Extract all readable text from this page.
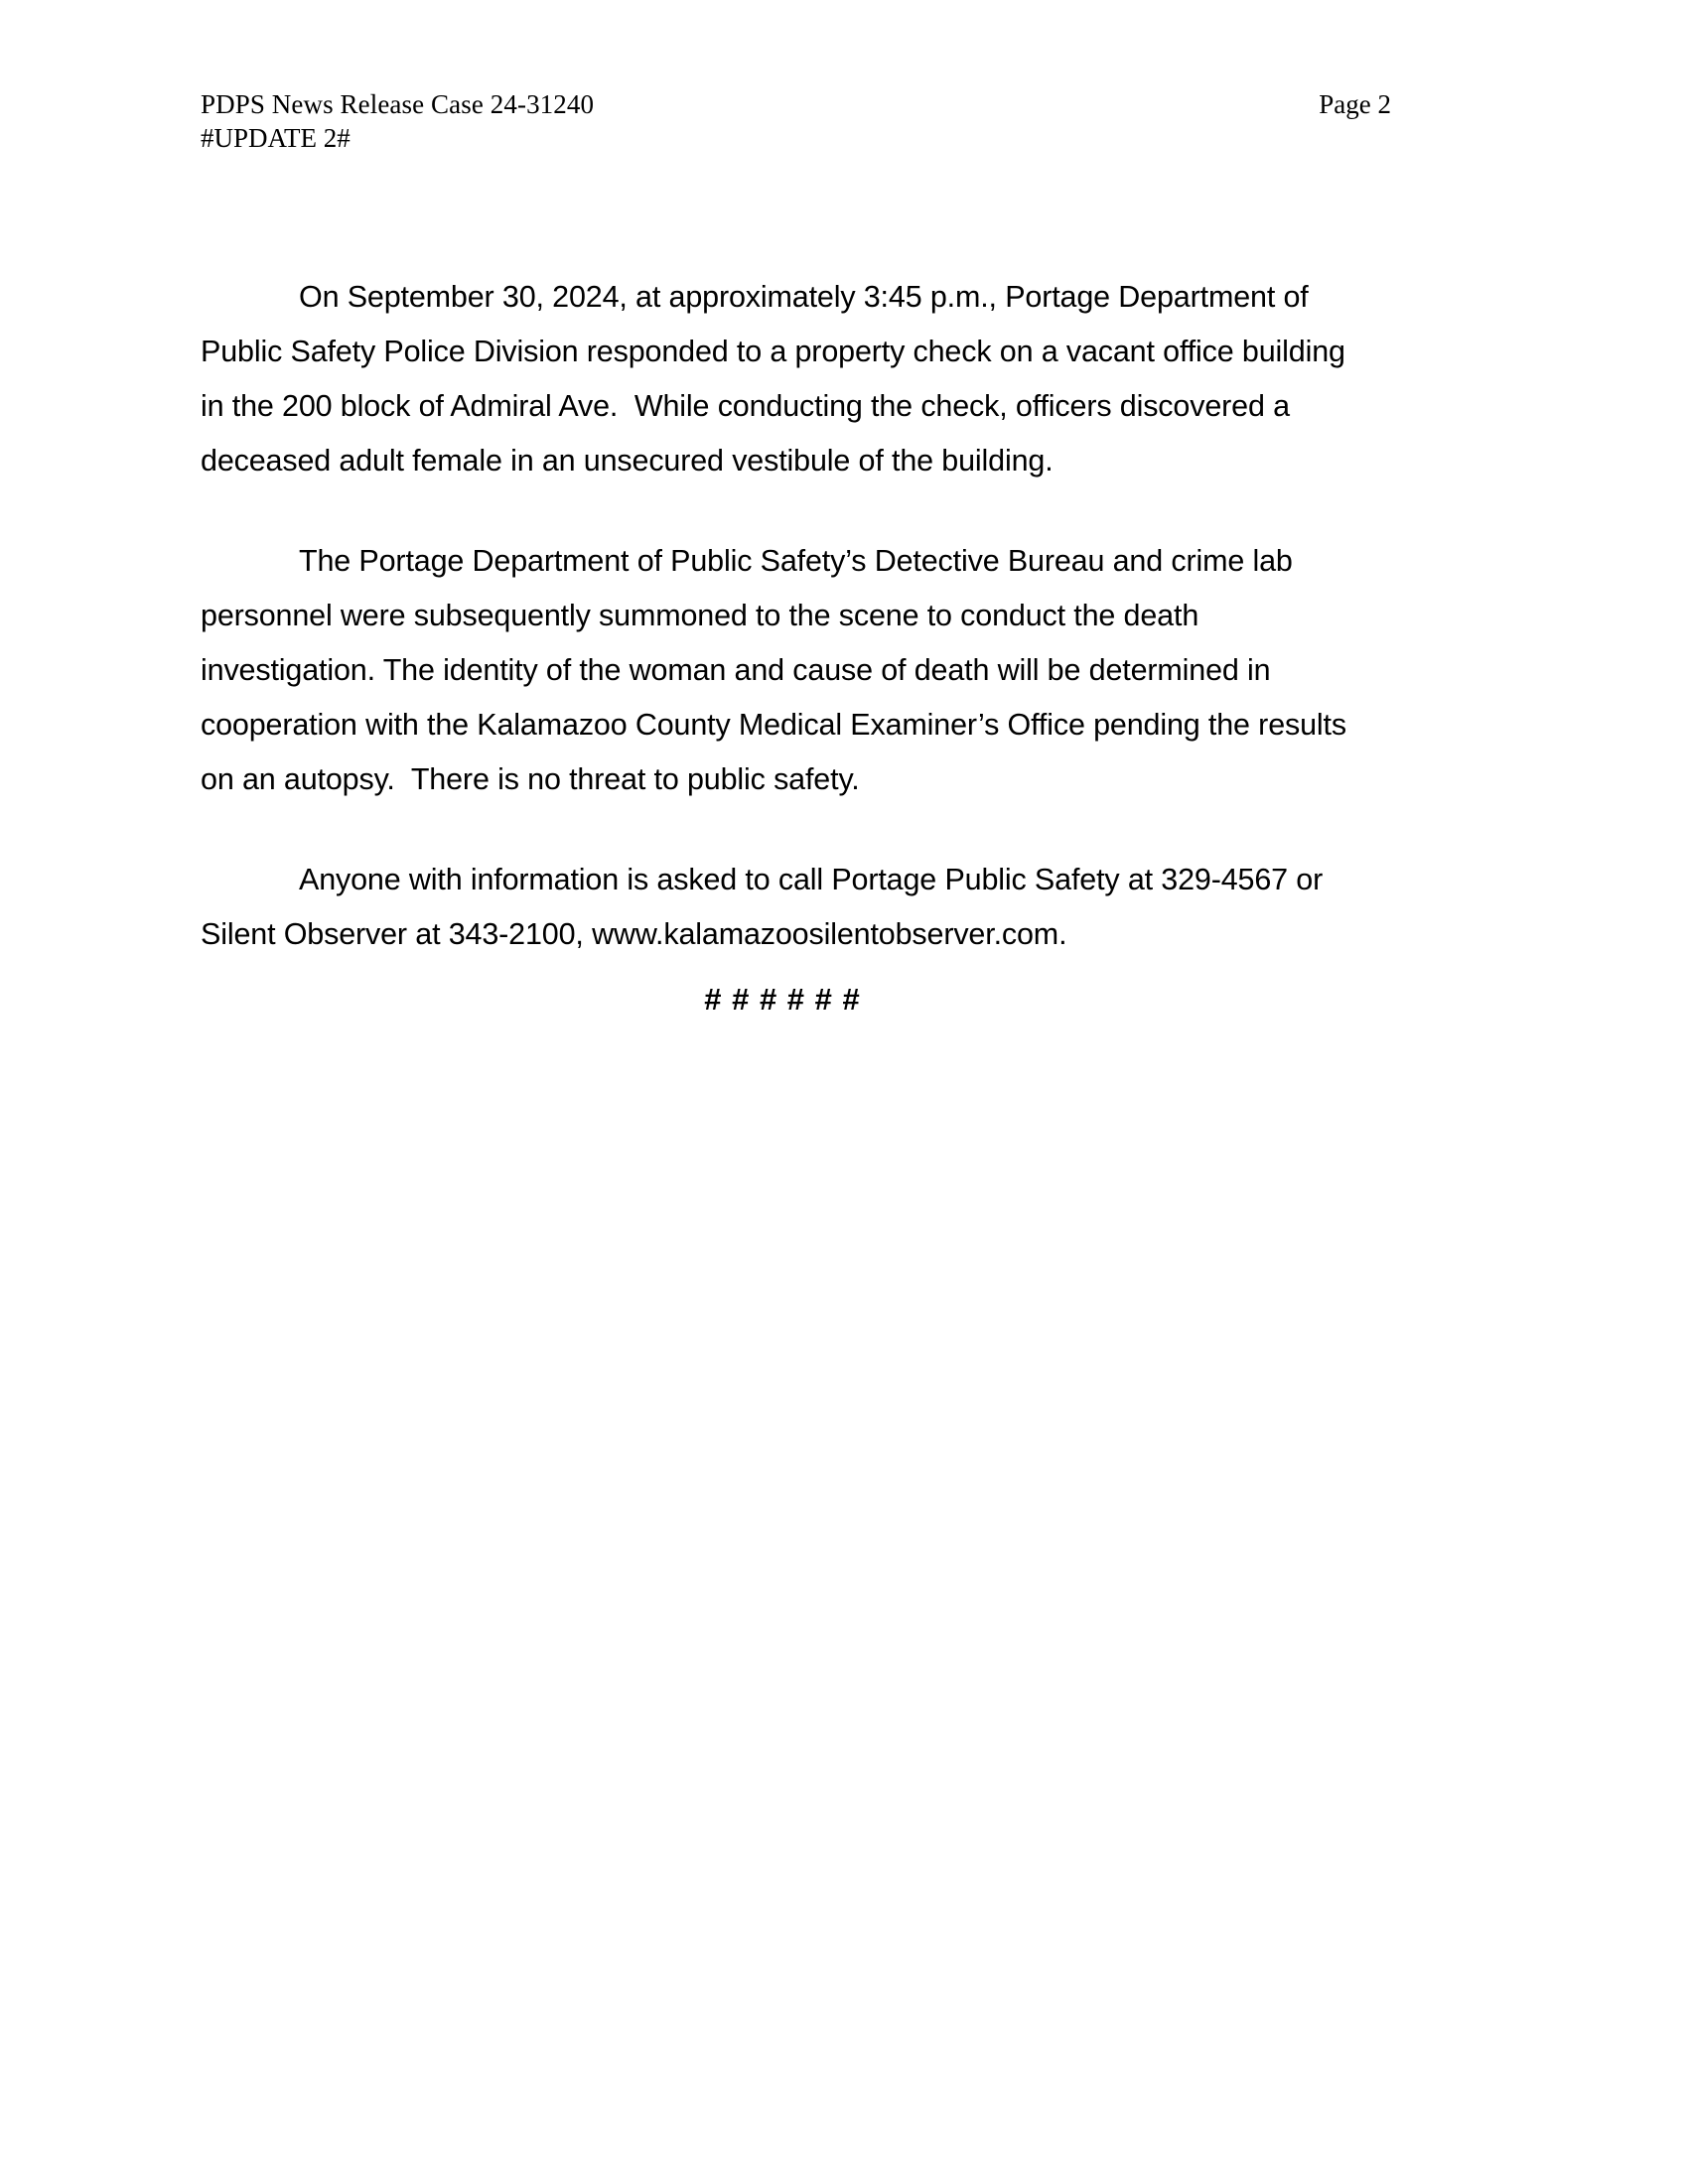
PDPS News Release Case 24-31240	Page 2
#UPDATE 2#
On September 30, 2024, at approximately 3:45 p.m., Portage Department of
Public Safety Police Division responded to a property check on a vacant office building
in the 200 block of Admiral Ave.  While conducting the check, officers discovered a
deceased adult female in an unsecured vestibule of the building.
The Portage Department of Public Safety’s Detective Bureau and crime lab
personnel were subsequently summoned to the scene to conduct the death
investigation. The identity of the woman and cause of death will be determined in
cooperation with the Kalamazoo County Medical Examiner’s Office pending the results
on an autopsy.  There is no threat to public safety.
Anyone with information is asked to call Portage Public Safety at 329-4567 or
Silent Observer at 343-2100, www.kalamazoosilentobserver.com.
# # # # # #
